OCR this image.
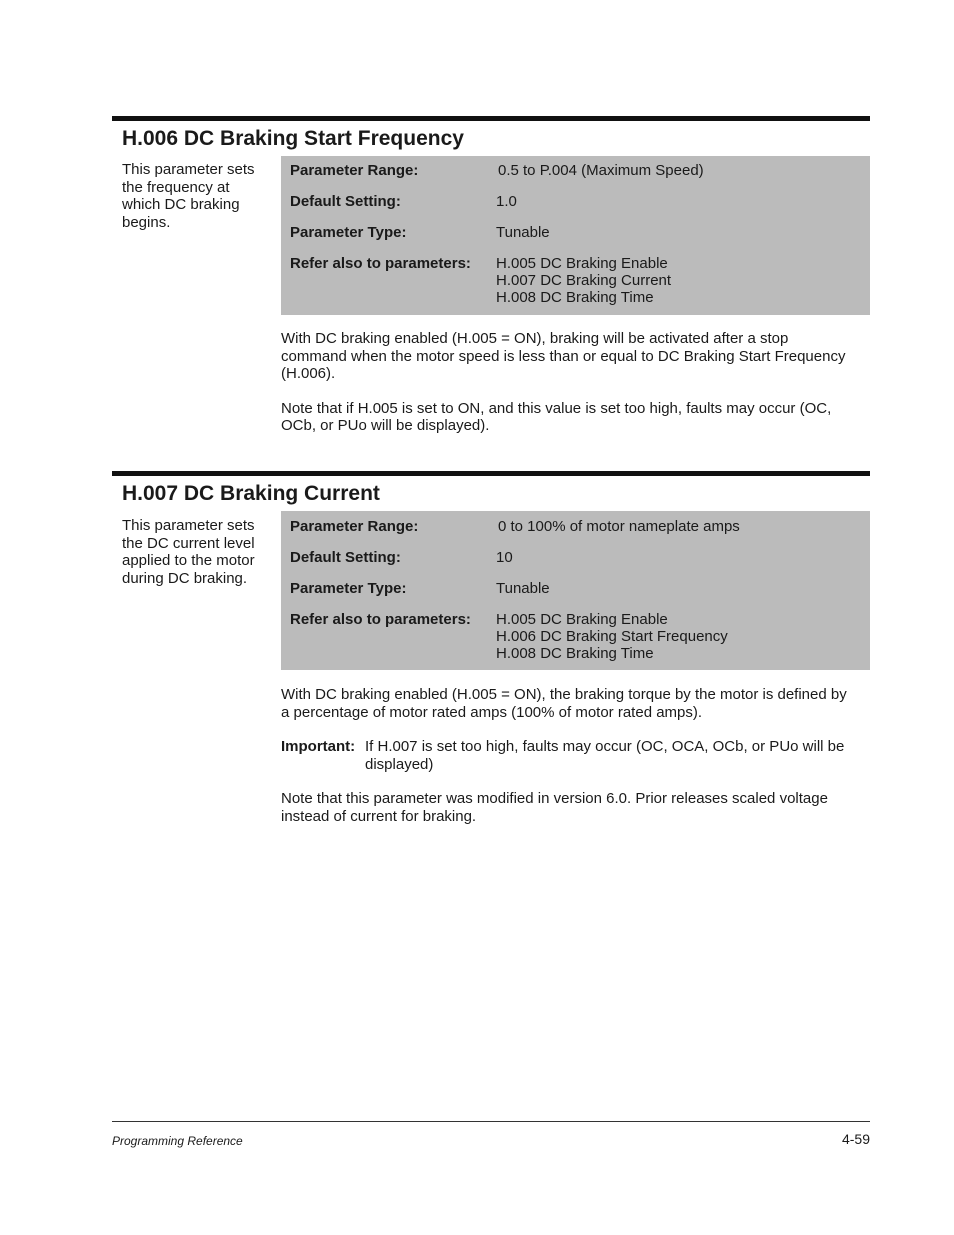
H.006 DC Braking Start Frequency
This parameter sets
the frequency at
which DC braking
begins.
Parameter Range:	0.5 to P.004 (Maximum Speed)
Default Setting:	1.0
Parameter Type:	Tunable
Refer also to parameters:	H.005 DC Braking Enable
H.007 DC Braking Current
H.008 DC Braking Time

With DC braking enabled (H.005 = ON), braking will be activated after a stop
command when the motor speed is less than or equal to DC Braking Start Frequency
(H.006).

Note that if H.005 is set to ON, and this value is set too high, faults may occur (OC,
OCb, or PUo will be displayed).

H.007 DC Braking Current
This parameter sets
the DC current level
applied to the motor
during DC braking.
Parameter Range:	0 to 100% of motor nameplate amps
Default Setting:	10
Parameter Type:	Tunable
Refer also to parameters:	H.005 DC Braking Enable
H.006 DC Braking Start Frequency
H.008 DC Braking Time

With DC braking enabled (H.005 = ON), the braking torque by the motor is defined by
a percentage of motor rated amps (100% of motor rated amps).

Important: If H.007 is set too high, faults may occur (OC, OCA, OCb, or PUo will be
displayed)

Note that this parameter was modified in version 6.0. Prior releases scaled voltage
instead of current for braking.

Programming Reference	4-59
